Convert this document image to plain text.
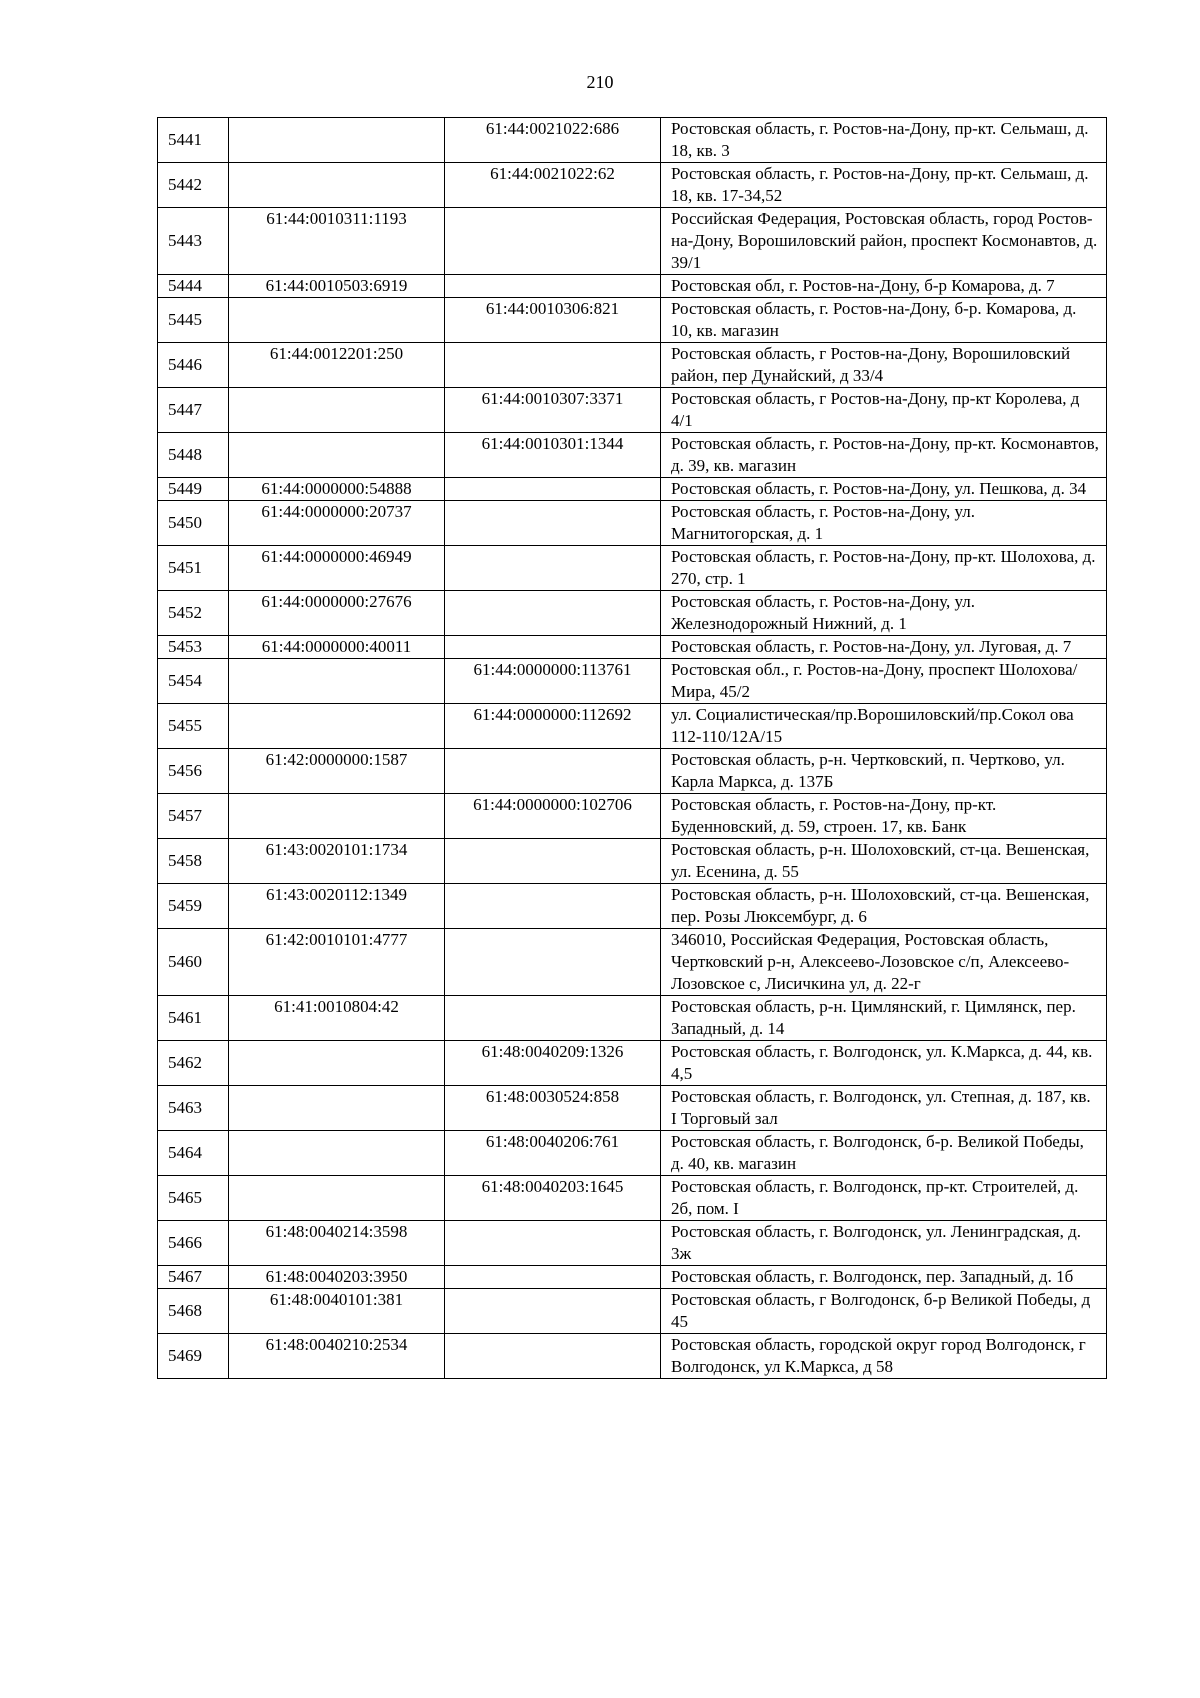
210
5441		61:44:0021022:686	Ростовская область, г. Ростов-на-Дону, пр-кт. Сельмаш, д. 18, кв. 3
5442		61:44:0021022:62	Ростовская область, г. Ростов-на-Дону, пр-кт. Сельмаш, д. 18, кв. 17-34,52
5443	61:44:0010311:1193		Российская Федерация, Ростовская область, город Ростов-на-Дону, Ворошиловский район, проспект Космонавтов, д. 39/1
5444	61:44:0010503:6919		Ростовская обл, г. Ростов-на-Дону, б-р Комарова, д. 7
5445		61:44:0010306:821	Ростовская область, г. Ростов-на-Дону, б-р. Комарова, д. 10, кв. магазин
5446	61:44:0012201:250		Ростовская область, г Ростов-на-Дону, Ворошиловский район, пер Дунайский, д 33/4
5447		61:44:0010307:3371	Ростовская область, г Ростов-на-Дону, пр-кт Королева, д 4/1
5448		61:44:0010301:1344	Ростовская область, г. Ростов-на-Дону, пр-кт. Космонавтов, д. 39, кв. магазин
5449	61:44:0000000:54888		Ростовская область, г. Ростов-на-Дону, ул. Пешкова, д. 34
5450	61:44:0000000:20737		Ростовская область, г. Ростов-на-Дону, ул. Магнитогорская, д. 1
5451	61:44:0000000:46949		Ростовская область, г. Ростов-на-Дону, пр-кт. Шолохова, д. 270, стр. 1
5452	61:44:0000000:27676		Ростовская область, г. Ростов-на-Дону, ул. Железнодорожный Нижний, д. 1
5453	61:44:0000000:40011		Ростовская область, г. Ростов-на-Дону, ул. Луговая, д. 7
5454		61:44:0000000:113761	Ростовская обл., г. Ростов-на-Дону, проспект Шолохова/Мира, 45/2
5455		61:44:0000000:112692	ул. Социалистическая/пр.Ворошиловский/пр.Сокол ова 112-110/12А/15
5456	61:42:0000000:1587		Ростовская область, р-н. Чертковский, п. Чертково, ул. Карла Маркса, д. 137Б
5457		61:44:0000000:102706	Ростовская область, г. Ростов-на-Дону, пр-кт. Буденновский, д. 59, строен. 17, кв. Банк
5458	61:43:0020101:1734		Ростовская область, р-н. Шолоховский, ст-ца. Вешенская, ул. Есенина, д. 55
5459	61:43:0020112:1349		Ростовская область, р-н. Шолоховский, ст-ца. Вешенская, пер. Розы Люксембург, д. 6
5460	61:42:0010101:4777		346010, Российская Федерация, Ростовская область, Чертковский р-н, Алексеево-Лозовское с/п, Алексеево-Лозовское с, Лисичкина ул, д. 22-г
5461	61:41:0010804:42		Ростовская область, р-н. Цимлянский, г. Цимлянск, пер. Западный, д. 14
5462		61:48:0040209:1326	Ростовская область, г. Волгодонск, ул. К.Маркса, д. 44, кв. 4,5
5463		61:48:0030524:858	Ростовская область, г. Волгодонск, ул. Степная, д. 187, кв. I Торговый зал
5464		61:48:0040206:761	Ростовская область, г. Волгодонск, б-р. Великой Победы, д. 40, кв. магазин
5465		61:48:0040203:1645	Ростовская область, г. Волгодонск, пр-кт. Строителей, д. 2б, пом. I
5466	61:48:0040214:3598		Ростовская область, г. Волгодонск, ул. Ленинградская, д. 3ж
5467	61:48:0040203:3950		Ростовская область, г. Волгодонск, пер. Западный, д. 1б
5468	61:48:0040101:381		Ростовская область, г Волгодонск, б-р Великой Победы, д 45
5469	61:48:0040210:2534		Ростовская область, городской округ город Волгодонск, г Волгодонск, ул К.Маркса, д 58
